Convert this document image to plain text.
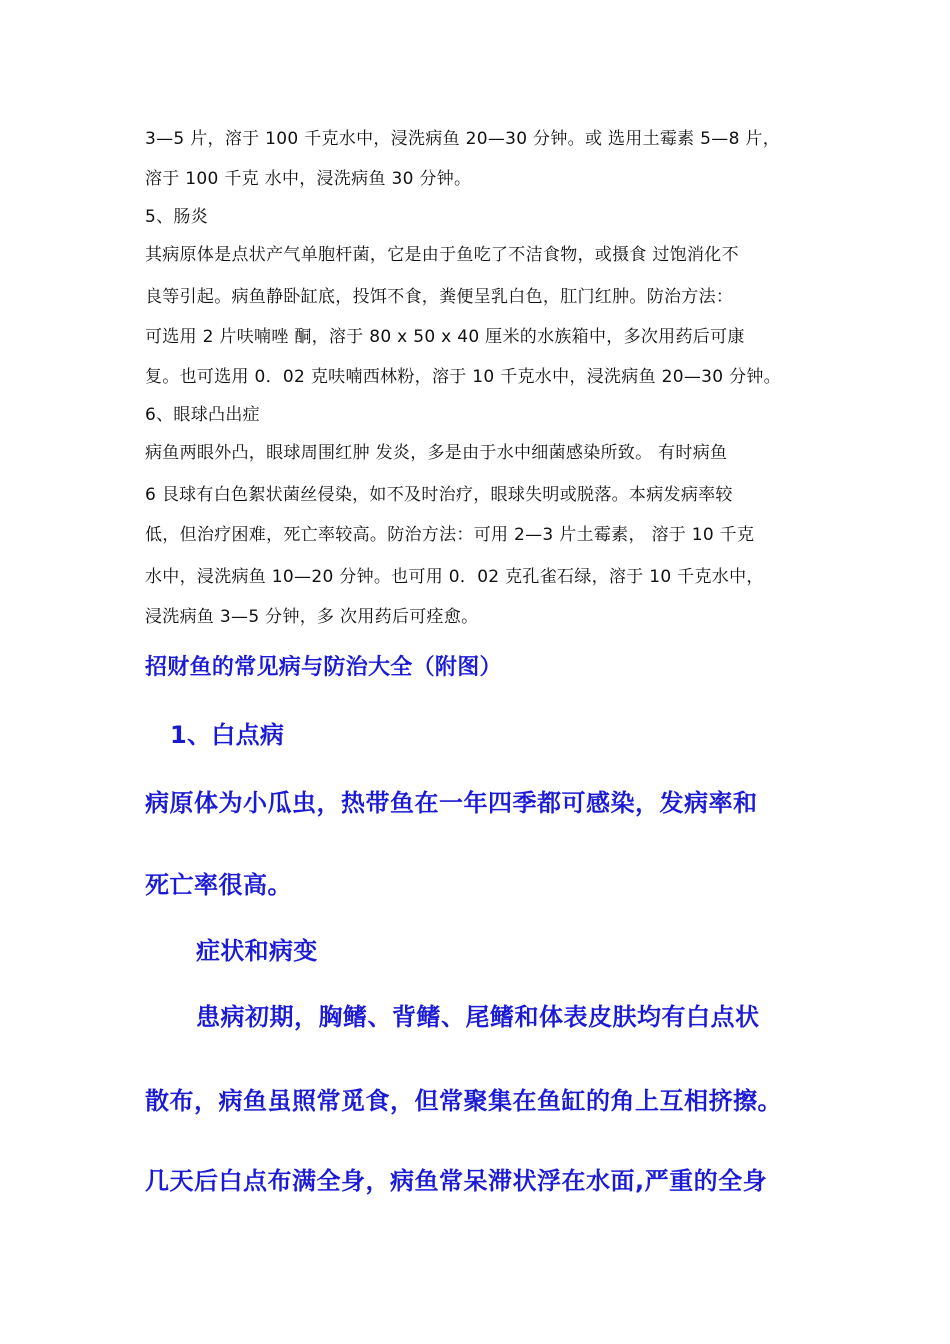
3—5 片，溶于 100 千克水中，浸洗病鱼 20—30 分钟。或 选用土霉素 5—8 片，
溶于 100 千克 水中，浸洗病鱼 30 分钟。
5、肠炎
其病原体是点状产气单胞杆菌，它是由于鱼吃了不洁食物，或摄食 过饱消化不
良等引起。病鱼静卧缸底，投饵不食，粪便呈乳白色，肛门红肿。防治方法：
可选用 2 片呋喃唑 酮，溶于 80 x 50 x 40 厘米的水族箱中，多次用药后可康
复。也可选用 0．02 克呋喃西林粉，溶于 10 千克水中，浸洗病鱼 20—30 分钟。
6、眼球凸出症
病鱼两眼外凸，眼球周围红肿 发炎，多是由于水中细菌感染所致。 有时病鱼
6 艮球有白色絮状菌丝侵染，如不及时治疗，眼球失明或脱落。本病发病率较
低，但治疗困难，死亡率较高。防治方法：可用 2—3 片土霉素， 溶于 10 千克
水中，浸洗病鱼 10—20 分钟。也可用 0．02 克孔雀石绿，溶于 10 千克水中，
浸洗病鱼 3—5 分钟，多 次用药后可痊愈。
招财鱼的常见病与防治大全（附图）
1、白点病
病原体为小瓜虫，热带鱼在一年四季都可感染，发病率和
死亡率很高。
症状和病变
患病初期，胸鳍、背鳍、尾鳍和体表皮肤均有白点状
散布，病鱼虽照常觅食，但常聚集在鱼缸的角上互相挤擦。
几天后白点布满全身，病鱼常呆滞状浮在水面,严重的全身
